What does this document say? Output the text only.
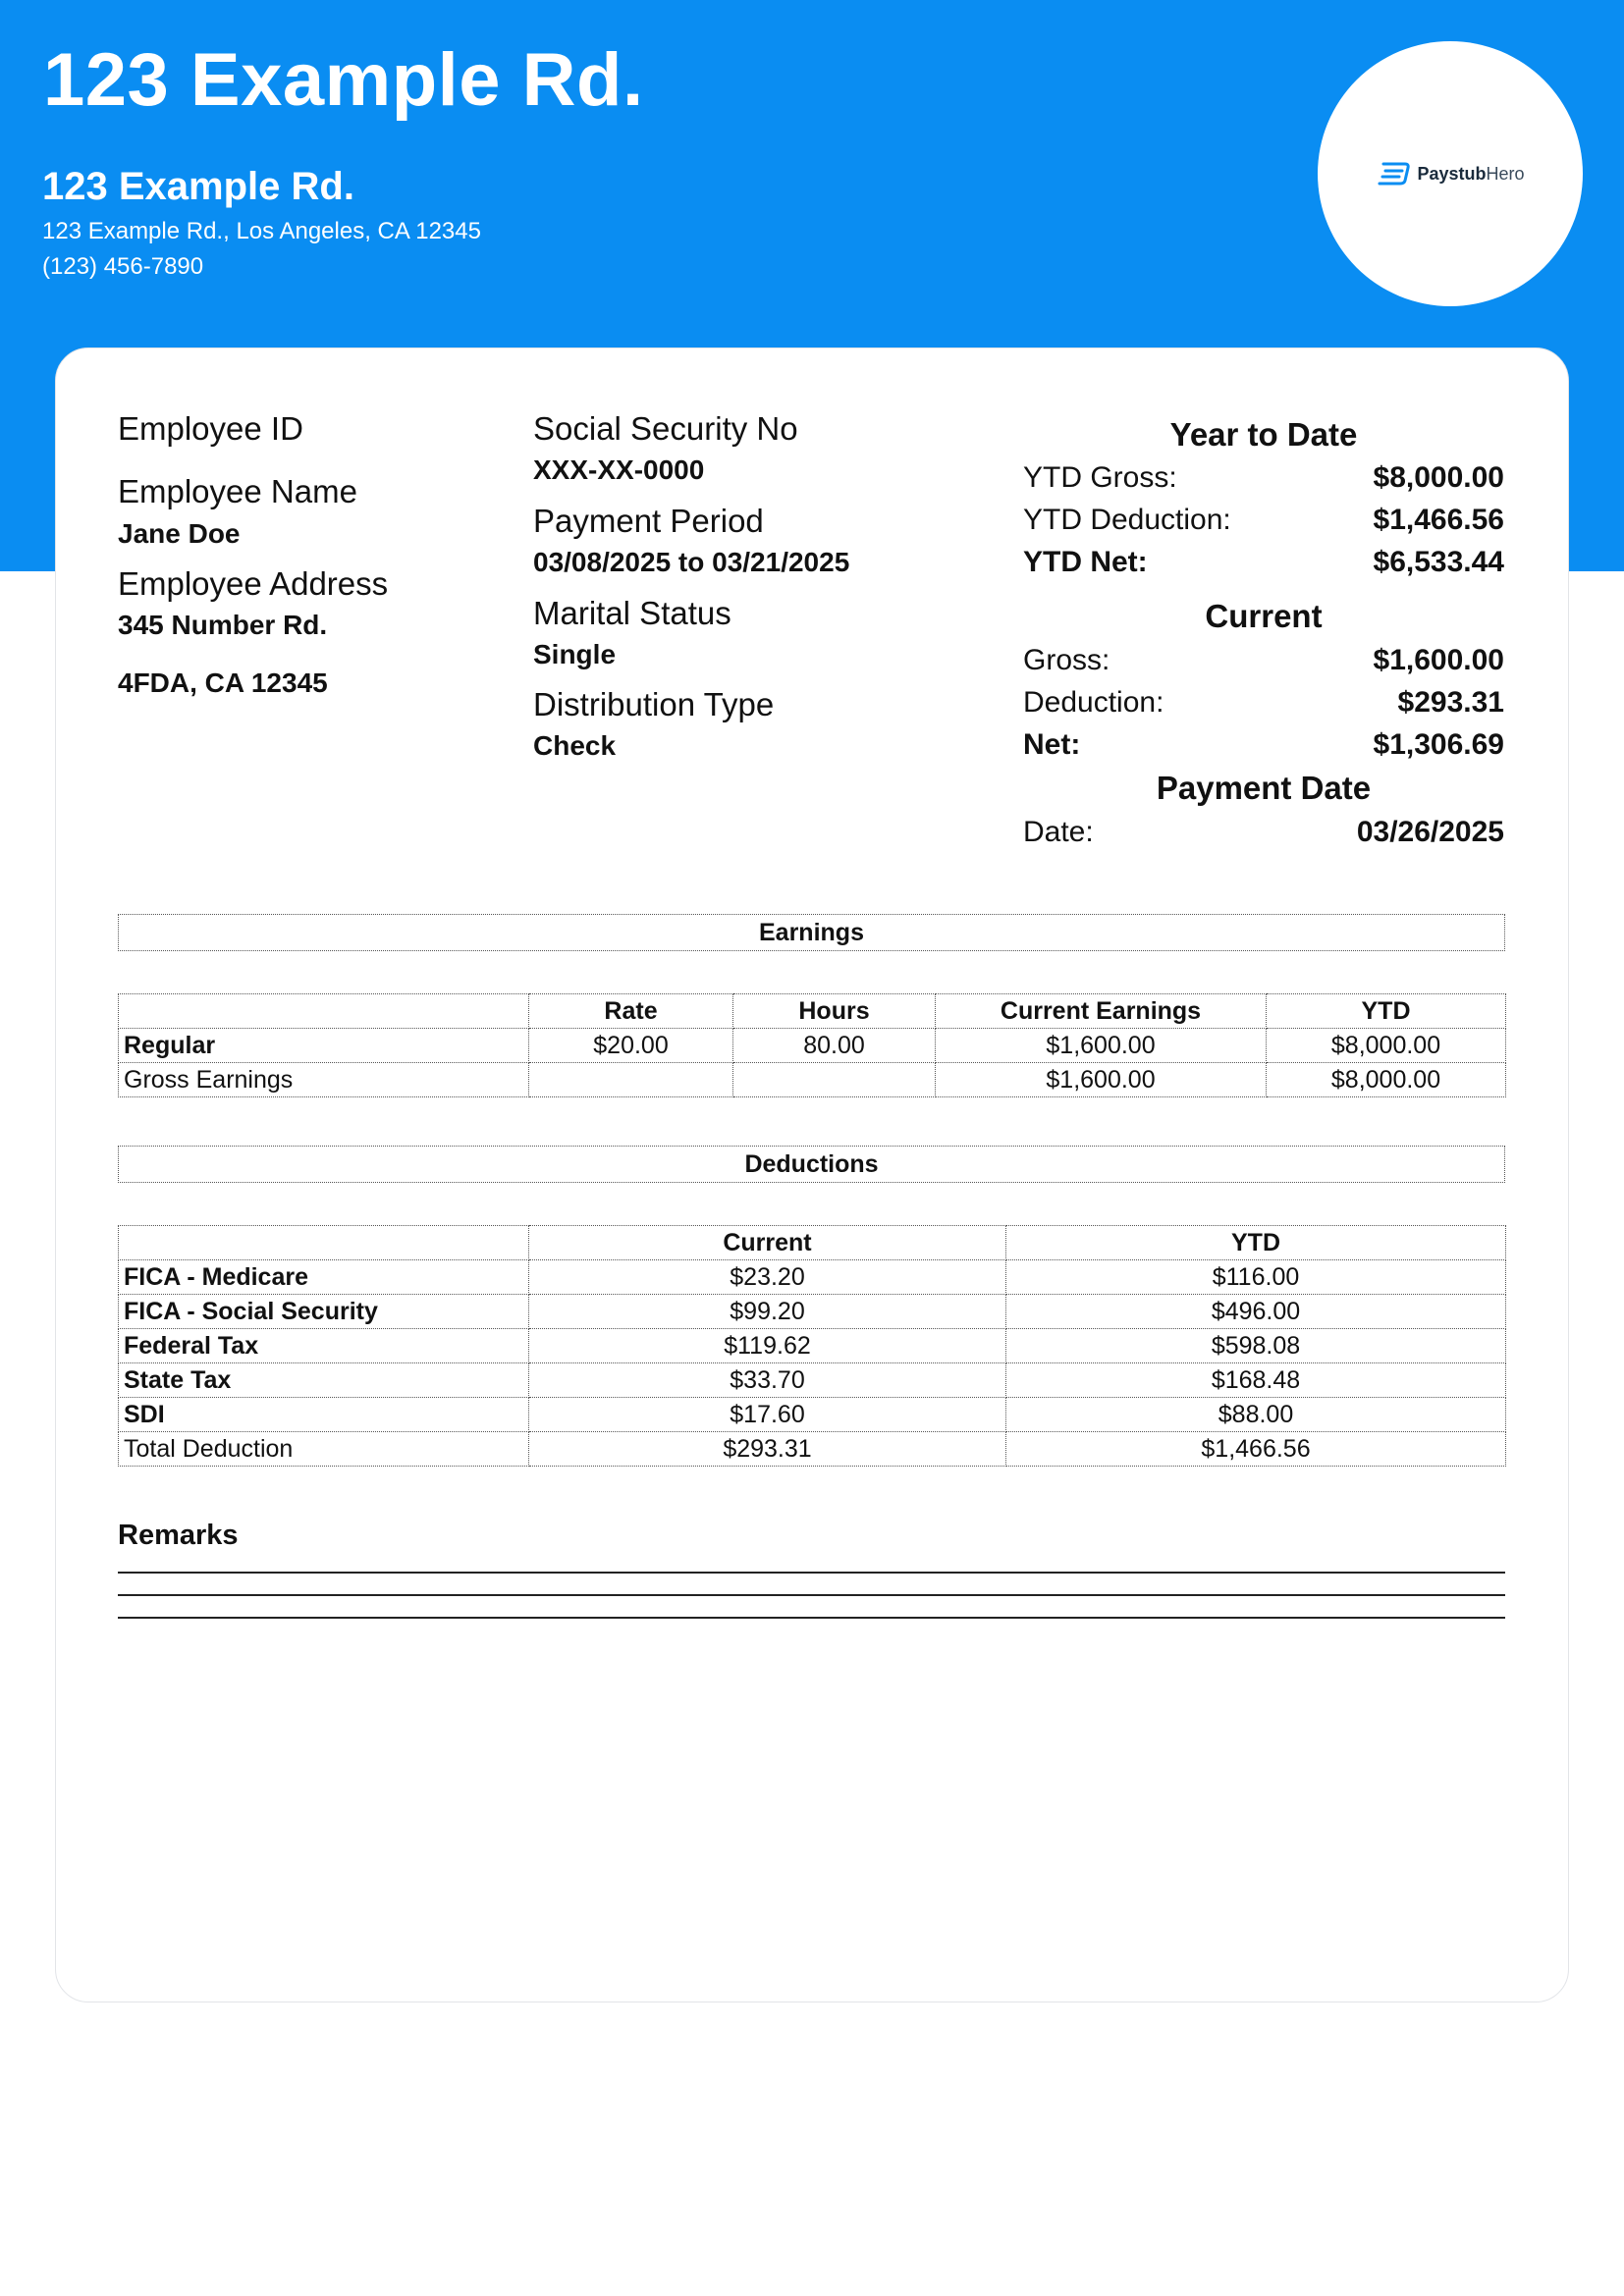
123 Example Rd.
123 Example Rd.
123 Example Rd., Los Angeles, CA 12345
(123) 456-7890
PaystubHero
Employee ID
Employee Name
Jane Doe
Employee Address
345 Number Rd.
4FDA, CA 12345
Social Security No
XXX-XX-0000
Payment Period
03/08/2025 to 03/21/2025
Marital Status
Single
Distribution Type
Check
Year to Date
YTD Gross:	$8,000.00
YTD Deduction:	$1,466.56
YTD Net:	$6,533.44
Current
Gross:	$1,600.00
Deduction:	$293.31
Net:	$1,306.69
Payment Date
Date:	03/26/2025
Earnings
	Rate	Hours	Current Earnings	YTD
Regular	$20.00	80.00	$1,600.00	$8,000.00
Gross Earnings			$1,600.00	$8,000.00
Deductions
	Current	YTD
FICA - Medicare	$23.20	$116.00
FICA - Social Security	$99.20	$496.00
Federal Tax	$119.62	$598.08
State Tax	$33.70	$168.48
SDI	$17.60	$88.00
Total Deduction	$293.31	$1,466.56
Remarks
